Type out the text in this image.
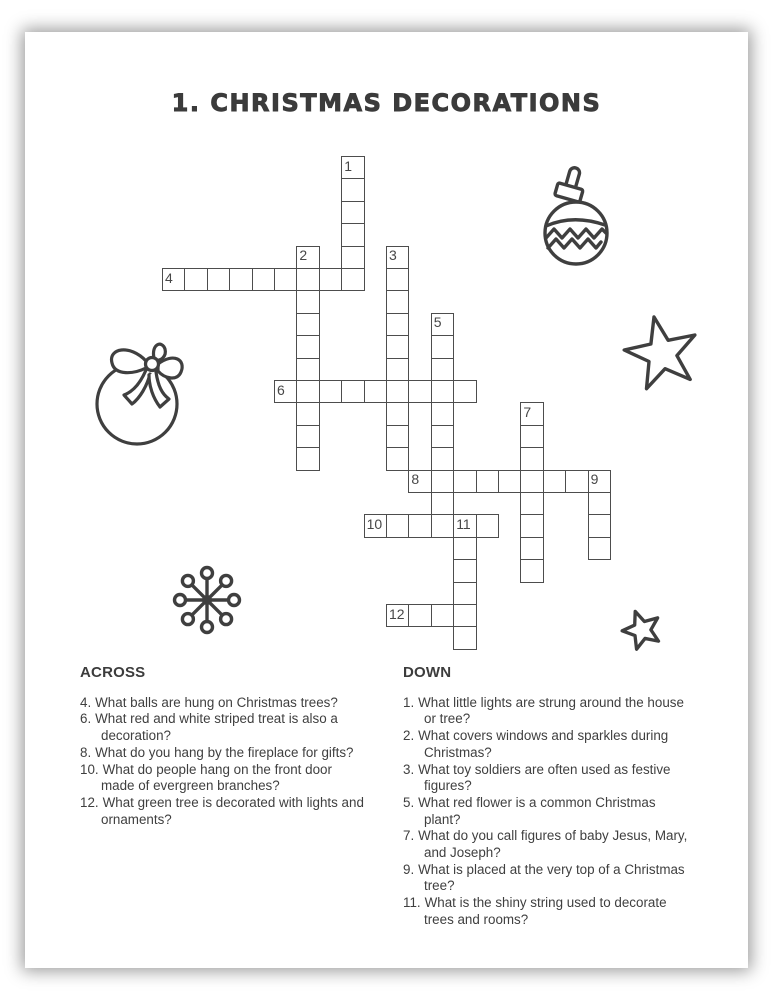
1. CHRISTMAS DECORATIONS
1
2	3
4
5
6
7
8	9
10	11
12
ACROSS
4. What balls are hung on Christmas trees?
6. What red and white striped treat is also a
decoration?
8. What do you hang by the fireplace for gifts?
10. What do people hang on the front door
made of evergreen branches?
12. What green tree is decorated with lights and
ornaments?
DOWN
1. What little lights are strung around the house
or tree?
2. What covers windows and sparkles during
Christmas?
3. What toy soldiers are often used as festive
figures?
5. What red flower is a common Christmas
plant?
7. What do you call figures of baby Jesus, Mary,
and Joseph?
9. What is placed at the very top of a Christmas
tree?
11. What is the shiny string used to decorate
trees and rooms?
